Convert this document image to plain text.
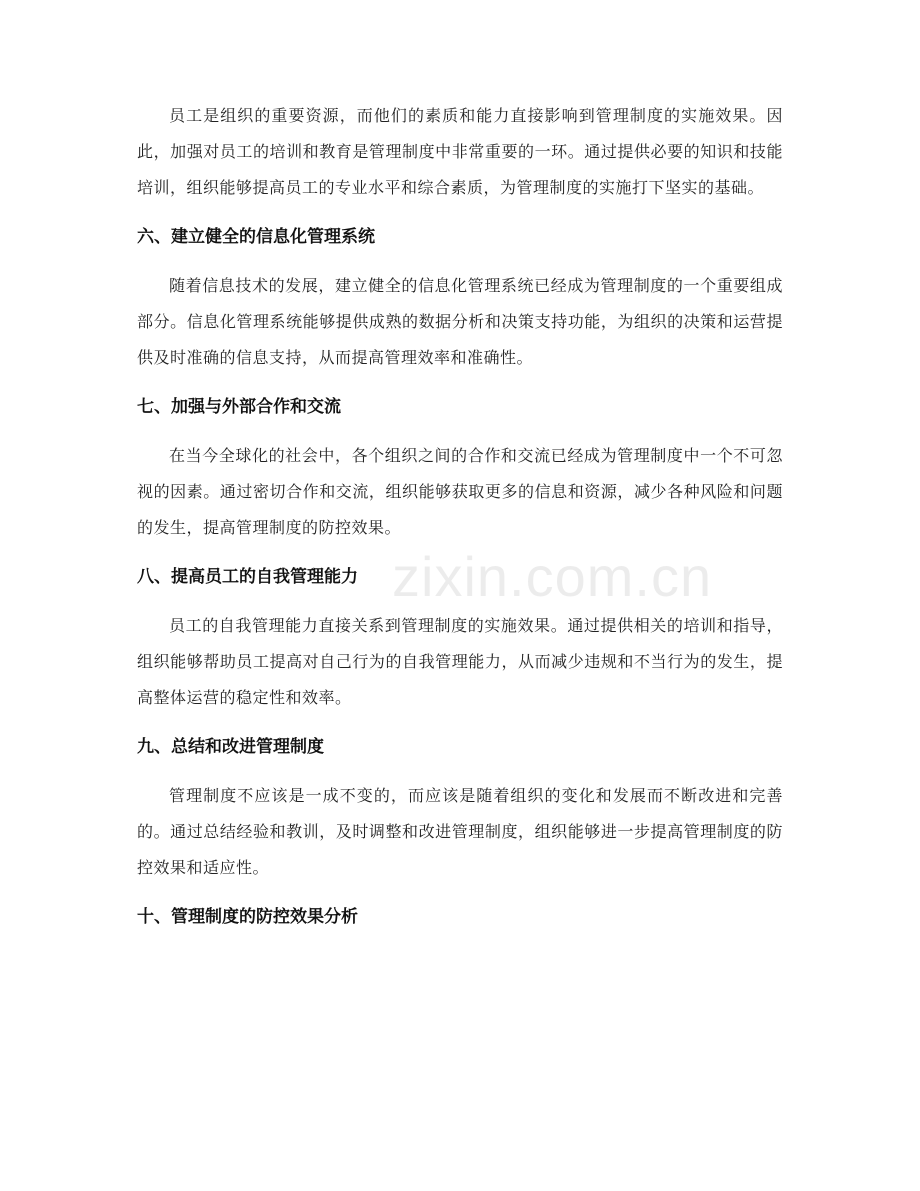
员工是组织的重要资源，而他们的素质和能力直接影响到管理制度的实施效果。因此，加强对员工的培训和教育是管理制度中非常重要的一环。通过提供必要的知识和技能培训，组织能够提高员工的专业水平和综合素质，为管理制度的实施打下坚实的基础。

六、建立健全的信息化管理系统

随着信息技术的发展，建立健全的信息化管理系统已经成为管理制度的一个重要组成部分。信息化管理系统能够提供成熟的数据分析和决策支持功能，为组织的决策和运营提供及时准确的信息支持，从而提高管理效率和准确性。

七、加强与外部合作和交流

在当今全球化的社会中，各个组织之间的合作和交流已经成为管理制度中一个不可忽视的因素。通过密切合作和交流，组织能够获取更多的信息和资源，减少各种风险和问题的发生，提高管理制度的防控效果。

八、提高员工的自我管理能力

员工的自我管理能力直接关系到管理制度的实施效果。通过提供相关的培训和指导，组织能够帮助员工提高对自己行为的自我管理能力，从而减少违规和不当行为的发生，提高整体运营的稳定性和效率。

九、总结和改进管理制度

管理制度不应该是一成不变的，而应该是随着组织的变化和发展而不断改进和完善的。通过总结经验和教训，及时调整和改进管理制度，组织能够进一步提高管理制度的防控效果和适应性。

十、管理制度的防控效果分析
zixin.com.cn
